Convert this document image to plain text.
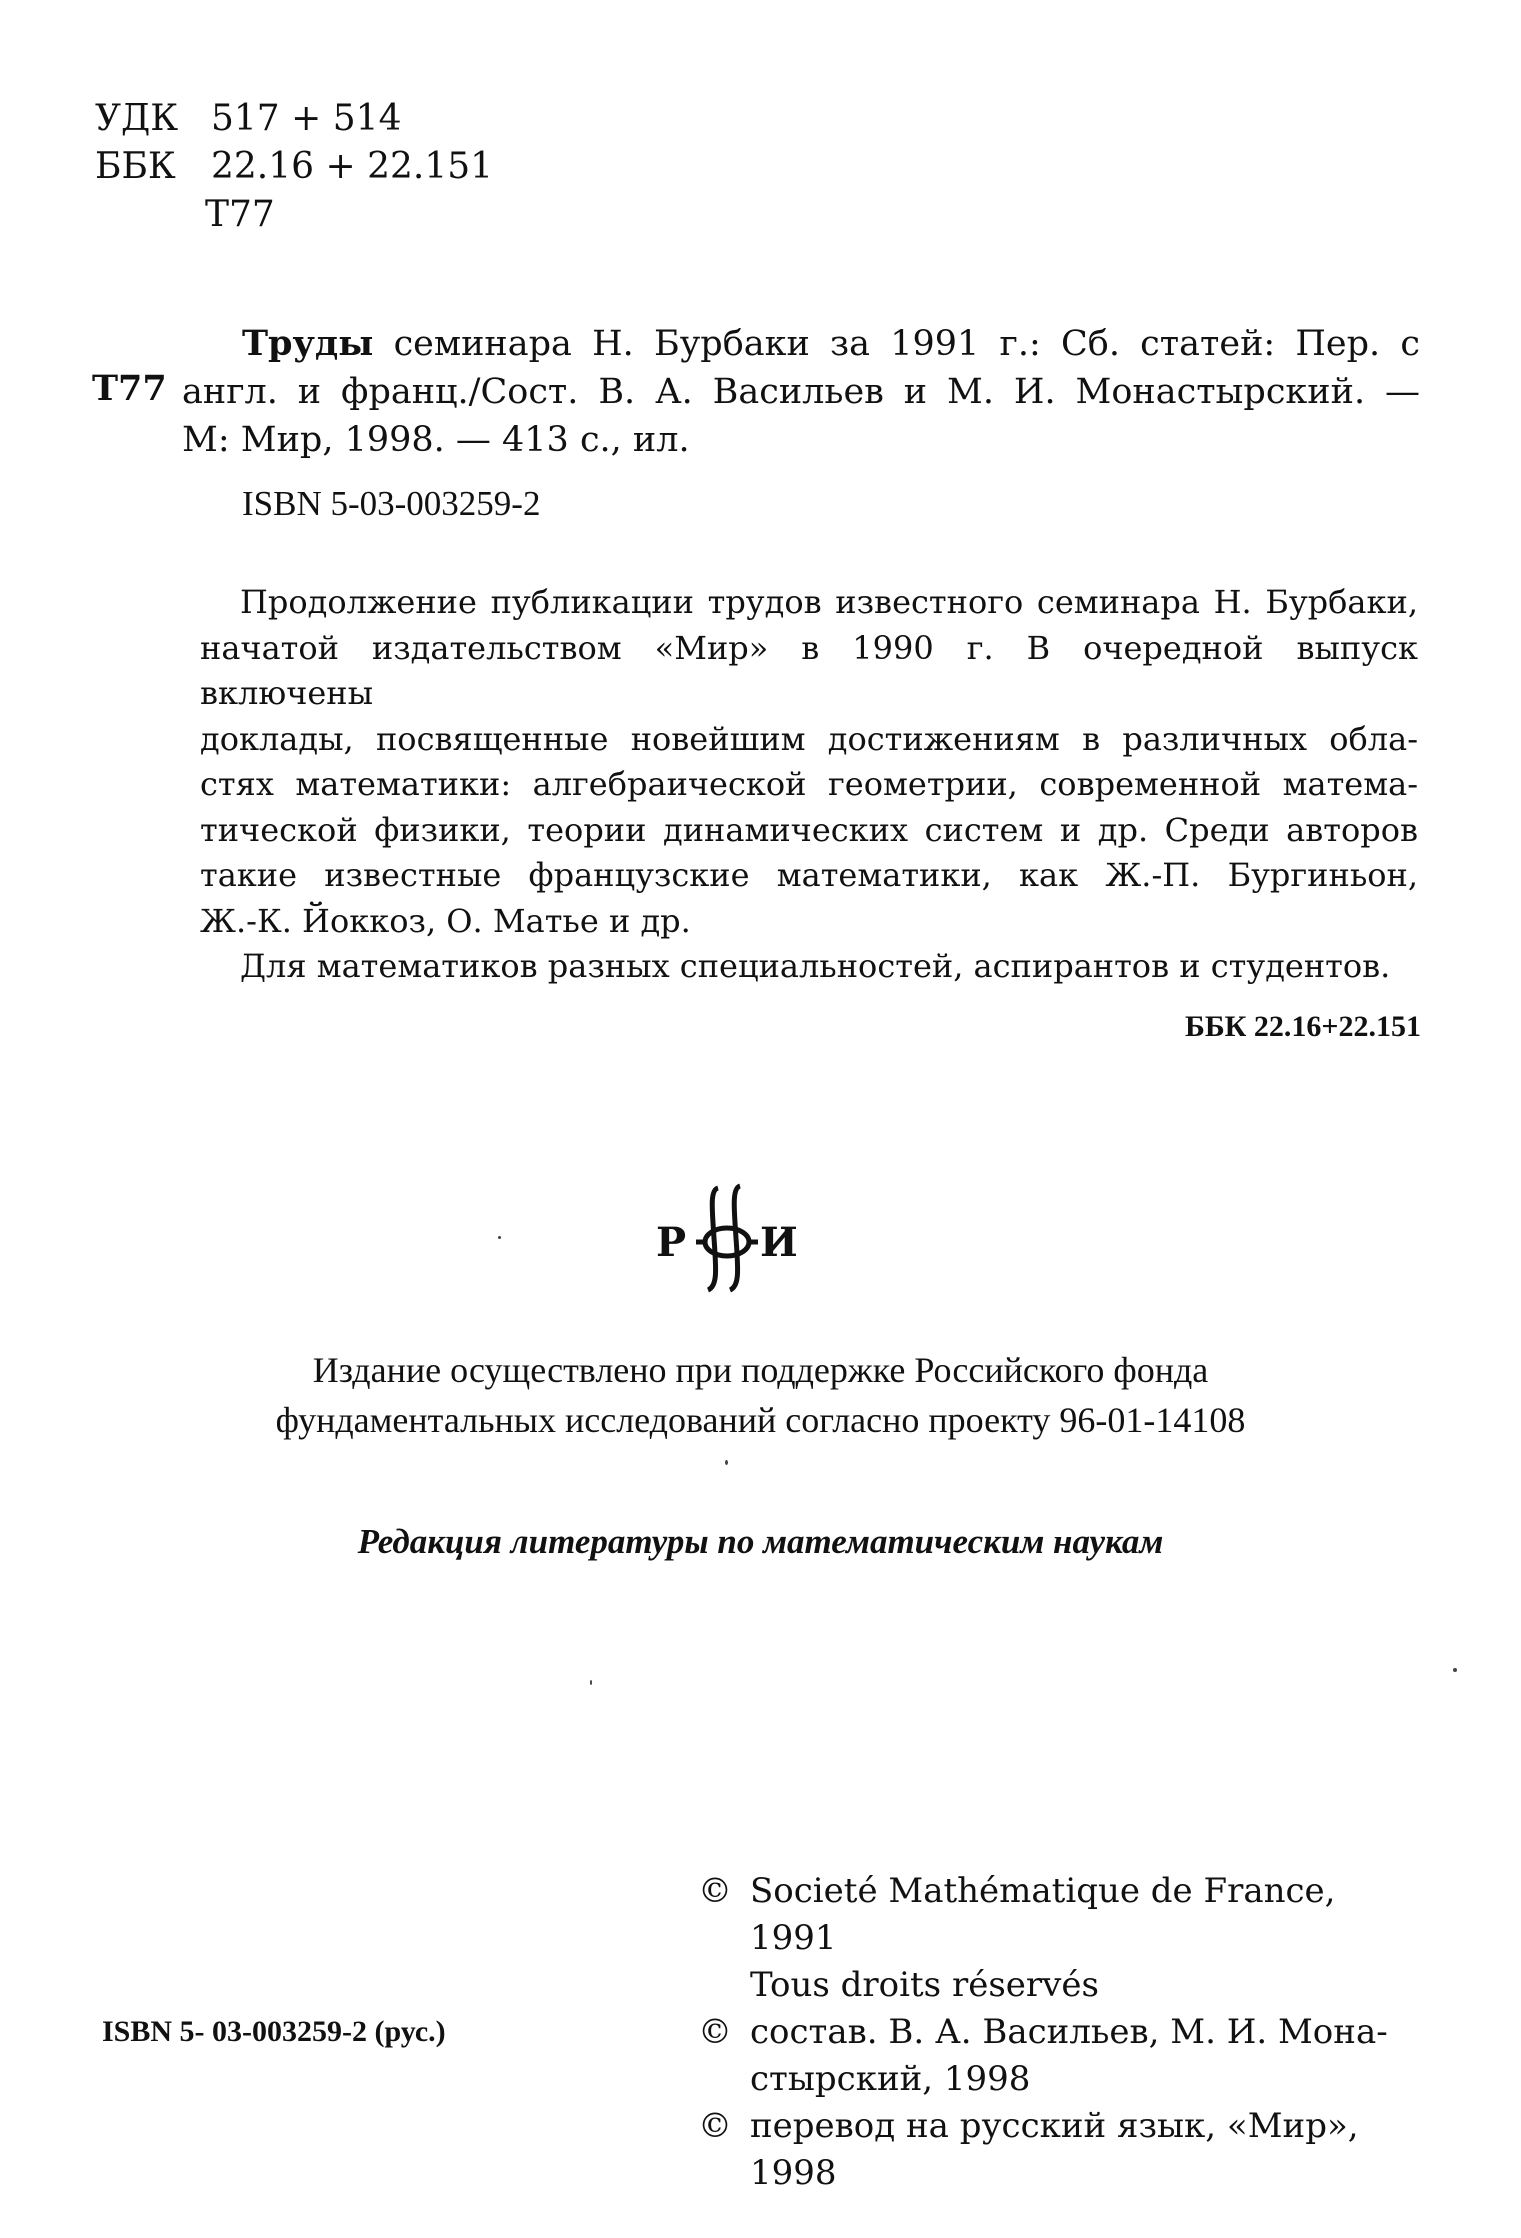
УДК 517 + 514
ББК 22.16 + 22.151
Т77
Т77
Труды семинара Н. Бурбаки за 1991 г.: Сб. статей: Пер. с
англ. и франц./Сост. В. А. Васильев и М. И. Монастырский. —
М: Мир, 1998. — 413 с., ил.
ISBN 5-03-003259-2
Продолжение публикации трудов известного семинара Н. Бурбаки,
начатой издательством «Мир» в 1990 г. В очередной выпуск включены
доклады, посвященные новейшим достижениям в различных обла-
стях математики: алгебраической геометрии, современной матема-
тической физики, теории динамических систем и др. Среди авторов
такие известные французские математики, как Ж.-П. Бургиньон,
Ж.-К. Йоккоз, О. Матье и др.
Для математиков разных специальностей, аспирантов и студентов.
ББК 22.16+22.151
Р И
Издание осуществлено при поддержке Российского фонда
фундаментальных исследований согласно проекту 96-01-14108
Редакция литературы по математическим наукам
© Societé Mathématique de France, 1991
Tous droits réservés
© состав. В. А. Васильев, М. И. Мона-
стырский, 1998
© перевод на русский язык, «Мир», 1998
ISBN 5- 03-003259-2 (рус.)
